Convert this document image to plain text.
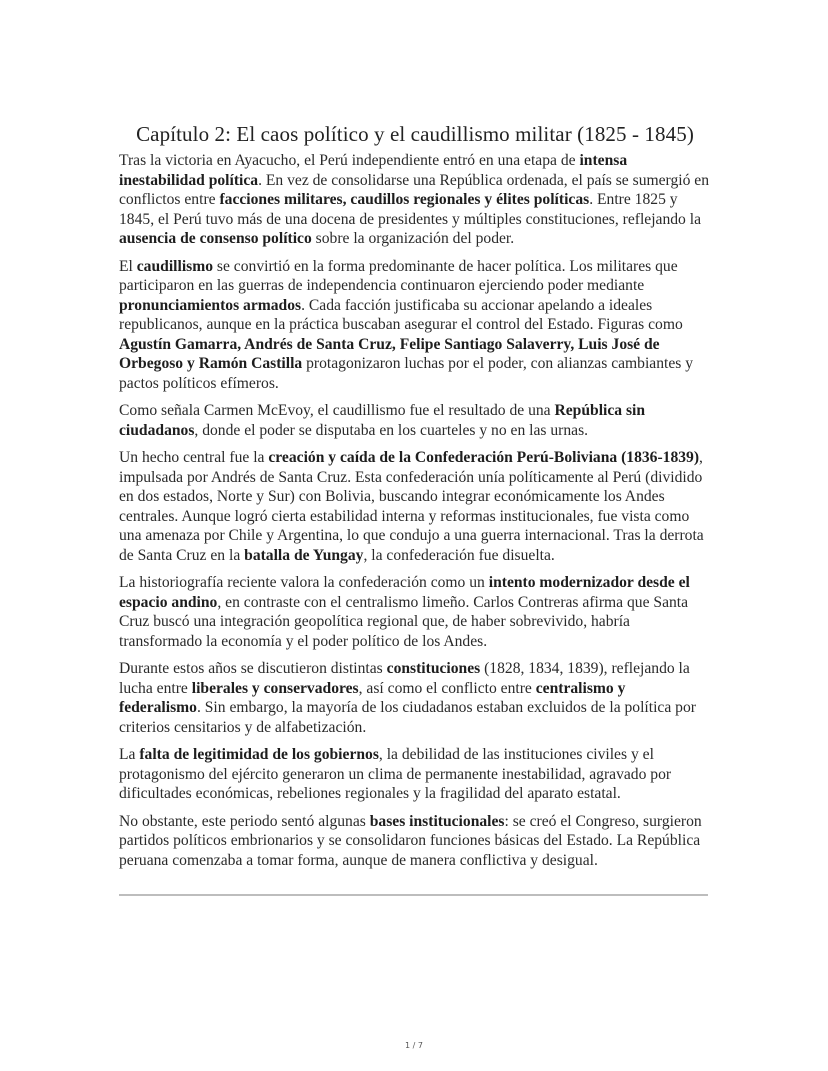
Capítulo 2: El caos político y el caudillismo militar (1825 - 1845)

Tras la victoria en Ayacucho, el Perú independiente entró en una etapa de intensa inestabilidad política. En vez de consolidarse una República ordenada, el país se sumergió en conflictos entre facciones militares, caudillos regionales y élites políticas. Entre 1825 y 1845, el Perú tuvo más de una docena de presidentes y múltiples constituciones, reflejando la ausencia de consenso político sobre la organización del poder.

El caudillismo se convirtió en la forma predominante de hacer política. Los militares que participaron en las guerras de independencia continuaron ejerciendo poder mediante pronunciamientos armados. Cada facción justificaba su accionar apelando a ideales republicanos, aunque en la práctica buscaban asegurar el control del Estado. Figuras como Agustín Gamarra, Andrés de Santa Cruz, Felipe Santiago Salaverry, Luis José de Orbegoso y Ramón Castilla protagonizaron luchas por el poder, con alianzas cambiantes y pactos políticos efímeros.

Como señala Carmen McEvoy, el caudillismo fue el resultado de una República sin ciudadanos, donde el poder se disputaba en los cuarteles y no en las urnas.

Un hecho central fue la creación y caída de la Confederación Perú-Boliviana (1836-1839), impulsada por Andrés de Santa Cruz. Esta confederación unía políticamente al Perú (dividido en dos estados, Norte y Sur) con Bolivia, buscando integrar económicamente los Andes centrales. Aunque logró cierta estabilidad interna y reformas institucionales, fue vista como una amenaza por Chile y Argentina, lo que condujo a una guerra internacional. Tras la derrota de Santa Cruz en la batalla de Yungay, la confederación fue disuelta.

La historiografía reciente valora la confederación como un intento modernizador desde el espacio andino, en contraste con el centralismo limeño. Carlos Contreras afirma que Santa Cruz buscó una integración geopolítica regional que, de haber sobrevivido, habría transformado la economía y el poder político de los Andes.

Durante estos años se discutieron distintas constituciones (1828, 1834, 1839), reflejando la lucha entre liberales y conservadores, así como el conflicto entre centralismo y federalismo. Sin embargo, la mayoría de los ciudadanos estaban excluidos de la política por criterios censitarios y de alfabetización.

La falta de legitimidad de los gobiernos, la debilidad de las instituciones civiles y el protagonismo del ejército generaron un clima de permanente inestabilidad, agravado por dificultades económicas, rebeliones regionales y la fragilidad del aparato estatal.

No obstante, este periodo sentó algunas bases institucionales: se creó el Congreso, surgieron partidos políticos embrionarios y se consolidaron funciones básicas del Estado. La República peruana comenzaba a tomar forma, aunque de manera conflictiva y desigual.

1 / 7
